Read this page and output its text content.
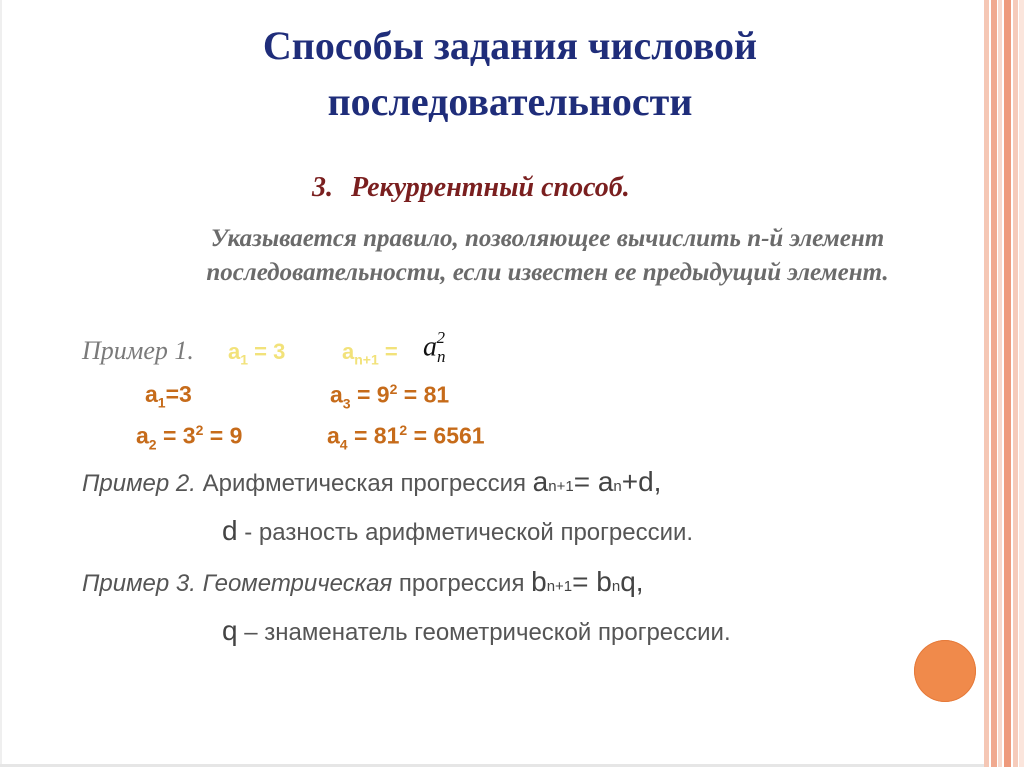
Способы задания числовой последовательности
3. Рекуррентный способ.
Указывается правило, позволяющее вычислить n-й элемент последовательности, если известен ее предыдущий элемент.
Пример 1. $a_1 = 3$	$a_{n+1} = a_n^2$
$a_1=3$	$a_3 = 9^2 = 81$
$a_2 = 3^2 = 9$	$a_4 = 81^2 = 6561$
Пример 2. Арифметическая прогрессия an+1= an+d,
d - разность арифметической прогрессии.
Пример 3. Геометрическая прогрессия bn+1= bnq,
q – знаменатель геометрической прогрессии.
